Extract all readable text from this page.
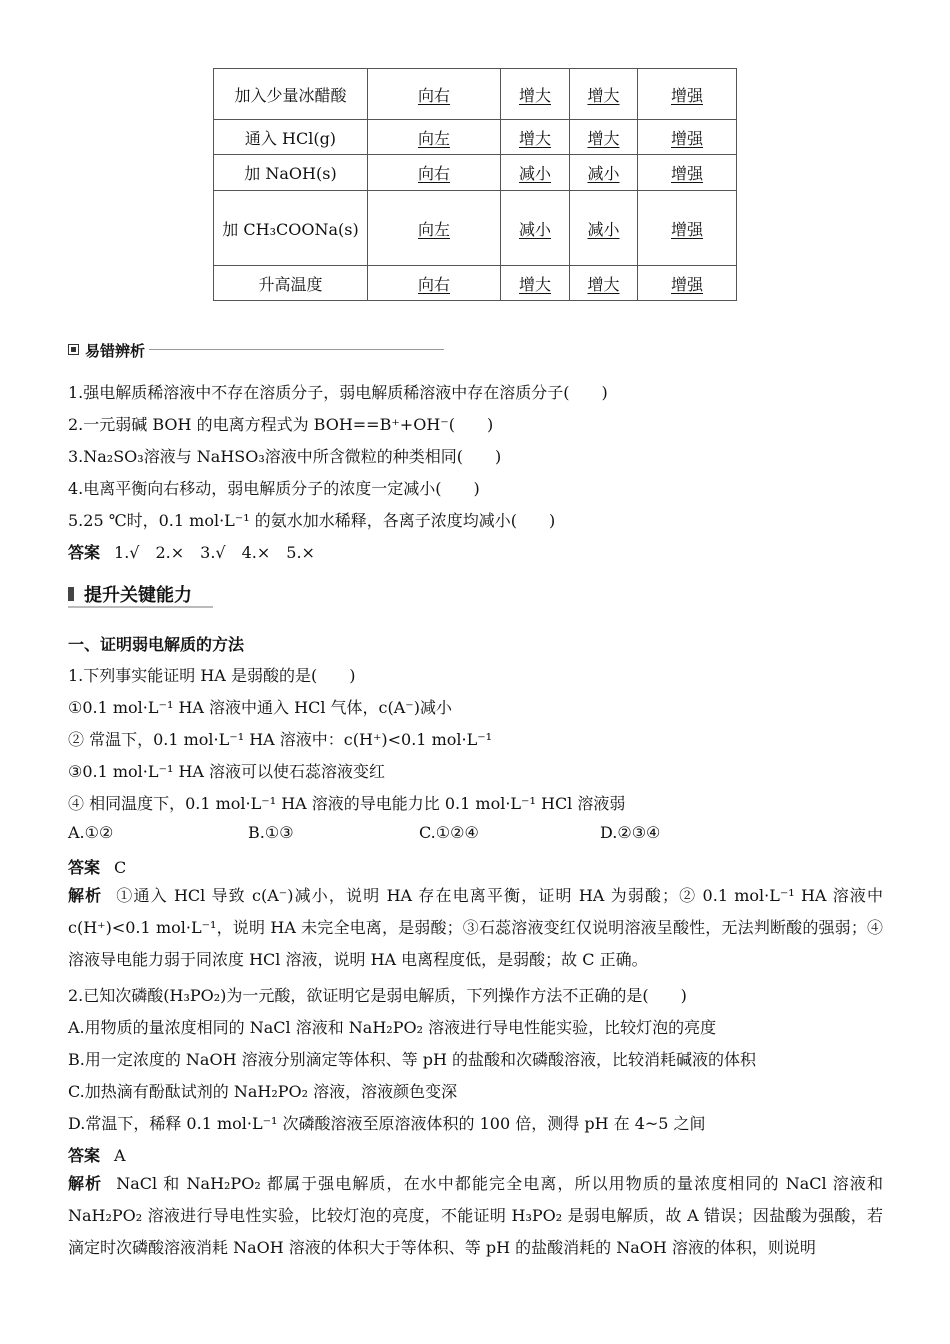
加入少量冰醋酸	向右	增大	增大	增强
通入 HCl(g)	向左	增大	增大	增强
加 NaOH(s)	向右	减小	减小	增强
加 CH₃COONa(s)	向左	减小	减小	增强
升高温度	向右	增大	增大	增强
易错辨析
1.强电解质稀溶液中不存在溶质分子，弱电解质稀溶液中存在溶质分子(　　)
2.一元弱碱 BOH 的电离方程式为 BOH==B⁺+OH⁻(　　)
3.Na₂SO₃溶液与 NaHSO₃溶液中所含微粒的种类相同(　　)
4.电离平衡向右移动，弱电解质分子的浓度一定减小(　　)
5.25 ℃时，0.1 mol·L⁻¹ 的氨水加水稀释，各离子浓度均减小(　　)
答案 1.√　2.×　3.√　4.×　5.×
提升关键能力
一、证明弱电解质的方法
1.下列事实能证明 HA 是弱酸的是(　　)
①0.1 mol·L⁻¹ HA 溶液中通入 HCl 气体，c(A⁻)减小
② 常温下，0.1 mol·L⁻¹ HA 溶液中：c(H⁺)<0.1 mol·L⁻¹
③0.1 mol·L⁻¹ HA 溶液可以使石蕊溶液变红
④ 相同温度下，0.1 mol·L⁻¹ HA 溶液的导电能力比 0.1 mol·L⁻¹ HCl 溶液弱
A.①②	B.①③	C.①②④	D.②③④
答案 C
解析 ①通入 HCl 导致 c(A⁻)减小，说明 HA 存在电离平衡，证明 HA 为弱酸；② 0.1 mol·L⁻¹ HA 溶液中 c(H⁺)<0.1 mol·L⁻¹，说明 HA 未完全电离，是弱酸；③石蕊溶液变红仅说明溶液呈酸性，无法判断酸的强弱；④溶液导电能力弱于同浓度 HCl 溶液，说明 HA 电离程度低，是弱酸；故 C 正确。
2.已知次磷酸(H₃PO₂)为一元酸，欲证明它是弱电解质，下列操作方法不正确的是(　　)
A.用物质的量浓度相同的 NaCl 溶液和 NaH₂PO₂ 溶液进行导电性能实验，比较灯泡的亮度
B.用一定浓度的 NaOH 溶液分别滴定等体积、等 pH 的盐酸和次磷酸溶液，比较消耗碱液的体积
C.加热滴有酚酞试剂的 NaH₂PO₂ 溶液，溶液颜色变深
D.常温下，稀释 0.1 mol·L⁻¹ 次磷酸溶液至原溶液体积的 100 倍，测得 pH 在 4~5 之间
答案 A
解析 NaCl 和 NaH₂PO₂ 都属于强电解质，在水中都能完全电离，所以用物质的量浓度相同的 NaCl 溶液和 NaH₂PO₂ 溶液进行导电性实验，比较灯泡的亮度，不能证明 H₃PO₂ 是弱电解质，故 A 错误；因盐酸为强酸，若滴定时次磷酸溶液消耗 NaOH 溶液的体积大于等体积、等 pH 的盐酸消耗的 NaOH 溶液的体积，则说明
